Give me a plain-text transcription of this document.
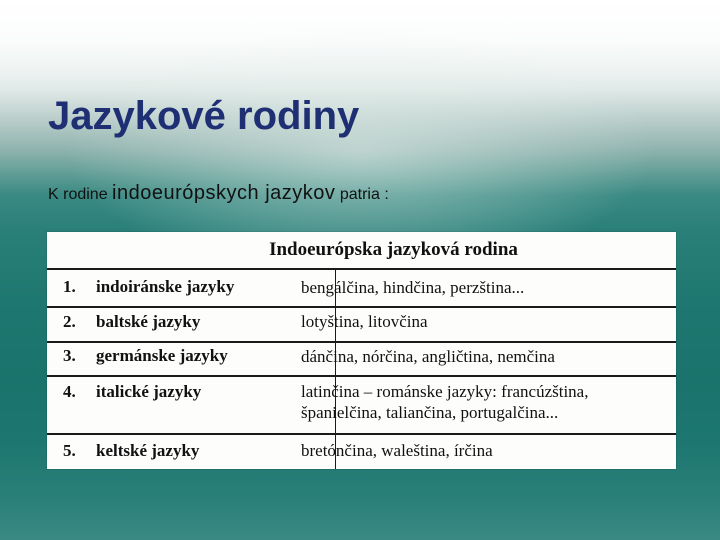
Jazykové rodiny
K rodine indoeurópskych jazykov patria :
Indoeurópska jazyková rodina
1. indoiránske jazyky	bengálčina, hindčina, perzština...
2. baltské jazyky	lotyština, litovčina
3. germánske jazyky	dánčina, nórčina, angličtina, nemčina
4. italické jazyky	latinčina – románske jazyky: francúzština,
španielčina, taliančina, portugalčina...
5. keltské jazyky	bretónčina, waleština, írčina
